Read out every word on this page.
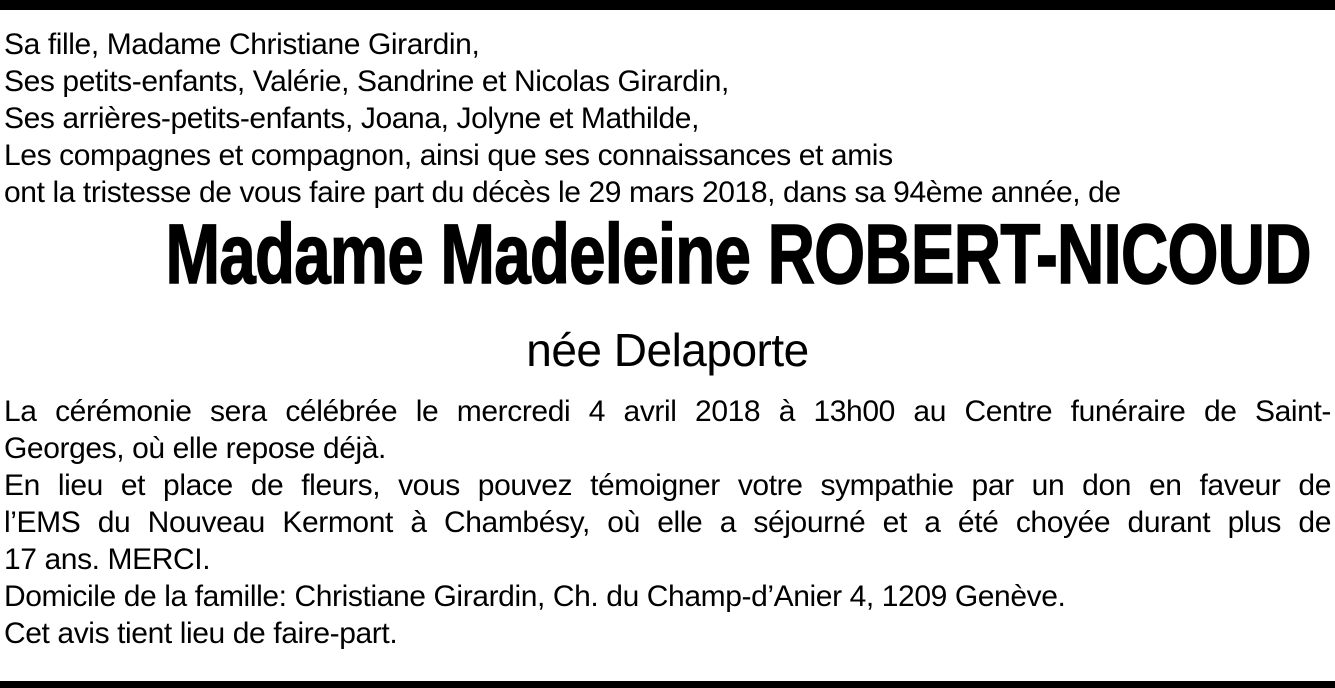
Sa fille, Madame Christiane Girardin,
Ses petits-enfants, Valérie, Sandrine et Nicolas Girardin,
Ses arrières-petits-enfants, Joana, Jolyne et Mathilde,
Les compagnes et compagnon, ainsi que ses connaissances et amis
ont la tristesse de vous faire part du décès le 29 mars 2018, dans sa 94ème année, de
Madame Madeleine ROBERT-NICOUD
née Delaporte
La cérémonie sera célébrée le mercredi 4 avril 2018 à 13h00 au Centre funéraire de Saint-
Georges, où elle repose déjà.
En lieu et place de fleurs, vous pouvez témoigner votre sympathie par un don en faveur de
l’EMS du Nouveau Kermont à Chambésy, où elle a séjourné et a été choyée durant plus de
17 ans. MERCI.
Domicile de la famille: Christiane Girardin, Ch. du Champ-d’Anier 4, 1209 Genève.
Cet avis tient lieu de faire-part.
